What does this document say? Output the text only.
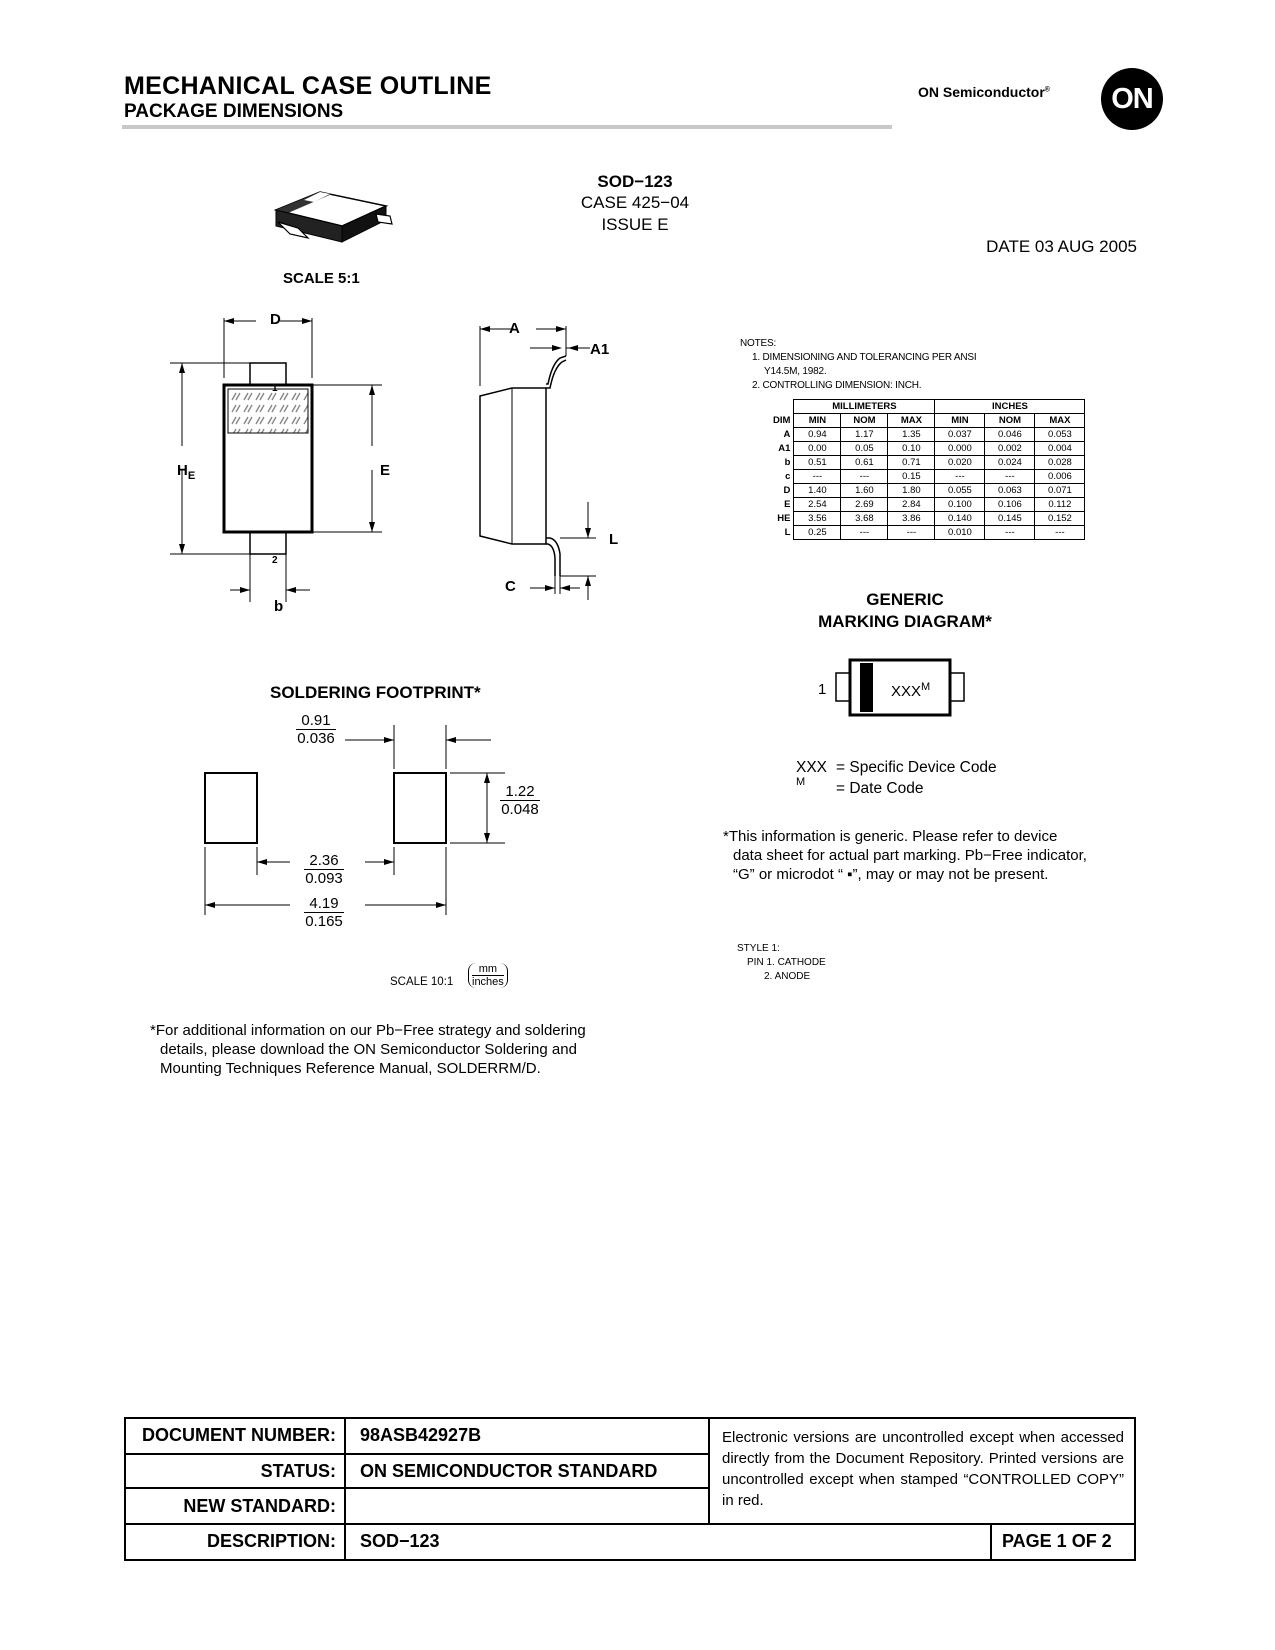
MECHANICAL CASE OUTLINE
PACKAGE DIMENSIONS
ON Semiconductor®	ON
SOD−123
CASE 425−04
ISSUE E
DATE 03 AUG 2005
SCALE 5:1
D
1
2
$H_E$	E
b
A
A1
L
C
NOTES:
1. DIMENSIONING AND TOLERANCING PER ANSI
Y14.5M, 1982.
2. CONTROLLING DIMENSION: INCH.
	MILLIMETERS			INCHES		
DIM	MIN	NOM	MAX	MIN	NOM	MAX
A	0.94	1.17	1.35	0.037	0.046	0.053
A1	0.00	0.05	0.10	0.000	0.002	0.004
b	0.51	0.61	0.71	0.020	0.024	0.028
c	---	---	0.15	---	---	0.006
D	1.40	1.60	1.80	0.055	0.063	0.071
E	2.54	2.69	2.84	0.100	0.106	0.112
HE	3.56	3.68	3.86	0.140	0.145	0.152
L	0.25	---	---	0.010	---	---
GENERIC
MARKING DIAGRAM*
1	$XXX^M$
XXX = Specific Device Code
M = Date Code
*This information is generic. Please refer to device
data sheet for actual part marking. Pb−Free indicator,
“G” or microdot “ ▪”, may or may not be present.
STYLE 1:
PIN 1. CATHODE
2. ANODE
SOLDERING FOOTPRINT*
0.91
0.036
1.22
0.048
2.36
0.093
4.19
0.165
SCALE 10:1
mm
inches
*For additional information on our Pb−Free strategy and soldering
details, please download the ON Semiconductor Soldering and
Mounting Techniques Reference Manual, SOLDERRM/D.
DOCUMENT NUMBER:	98ASB42927B
STATUS:	ON SEMICONDUCTOR STANDARD
NEW STANDARD:
DESCRIPTION:	SOD−123	PAGE 1 OF 2
Electronic versions are uncontrolled except when accessed directly from the Document Repository. Printed versions are uncontrolled except when stamped “CONTROLLED COPY” in red.
